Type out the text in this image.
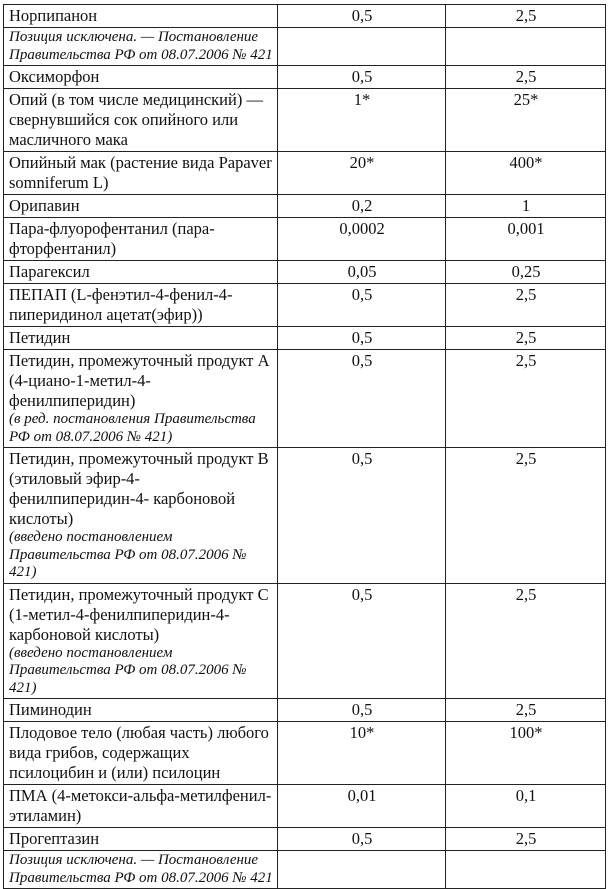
Норпипанон	0,5	2,5

Позиция исключена. — Постановление Правительства РФ от 08.07.2006 № 421		

Оксиморфон	0,5	2,5

Опий (в том числе медицинский) — свернувшийся сок опийного или масличного мака	1*	25*

Опийный мак (растение вида Papaver somniferum L)	20*	400*

Орипавин	0,2	1

Пара-флуорофентанил (пара-фторфентанил)	0,0002	0,001

Парагексил	0,05	0,25

ПЕПАП (L-фенэтил-4-фенил-4-пиперидинол ацетат(эфир))	0,5	2,5

Петидин	0,5	2,5

Петидин, промежуточный продукт А (4-циано-1-метил-4-фенилпиперидин)
(в ред. постановления Правительства РФ от 08.07.2006 № 421)	0,5	2,5

Петидин, промежуточный продукт В (этиловый эфир-4-фенилпиперидин-4- карбоновой кислоты)
(введено постановлением Правительства РФ от 08.07.2006 № 421)	0,5	2,5

Петидин, промежуточный продукт С (1-метил-4-фенилпиперидин-4-карбоновой кислоты)
(введено постановлением Правительства РФ от 08.07.2006 № 421)	0,5	2,5

Пиминодин	0,5	2,5

Плодовое тело (любая часть) любого вида грибов, содержащих псилоцибин и (или) псилоцин	10*	100*

ПМА (4-метокси-альфа-метилфенил-этиламин)	0,01	0,1

Прогептазин	0,5	2,5

Позиция исключена. — Постановление Правительства РФ от 08.07.2006 № 421		
